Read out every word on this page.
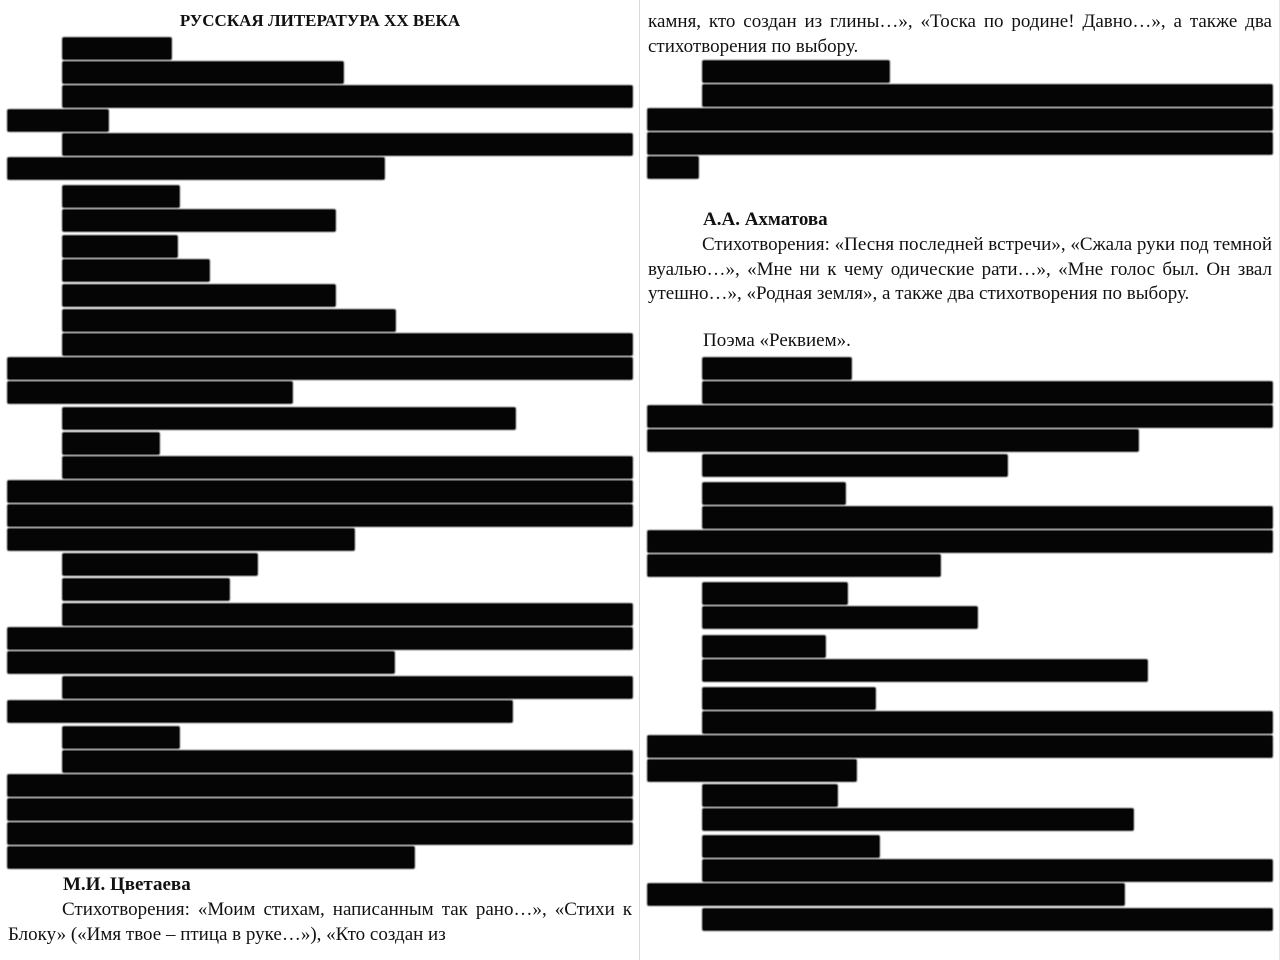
РУССКАЯ ЛИТЕРАТУРА XX ВЕКА
М.И. Цветаева

Стихотворения: «Моим стихам, написанным так рано…», «Стихи к Блоку» («Имя твое – птица в руке…»), «Кто создан из

камня, кто создан из глины…», «Тоска по родине! Давно…», а также два стихотворения по выбору.

А.А. Ахматова

Стихотворения: «Песня последней встречи», «Сжала руки под темной вуалью…», «Мне ни к чему одические рати…», «Мне голос был. Он звал утешно…», «Родная земля», а также два стихотворения по выбору.

Поэма «Реквием».
